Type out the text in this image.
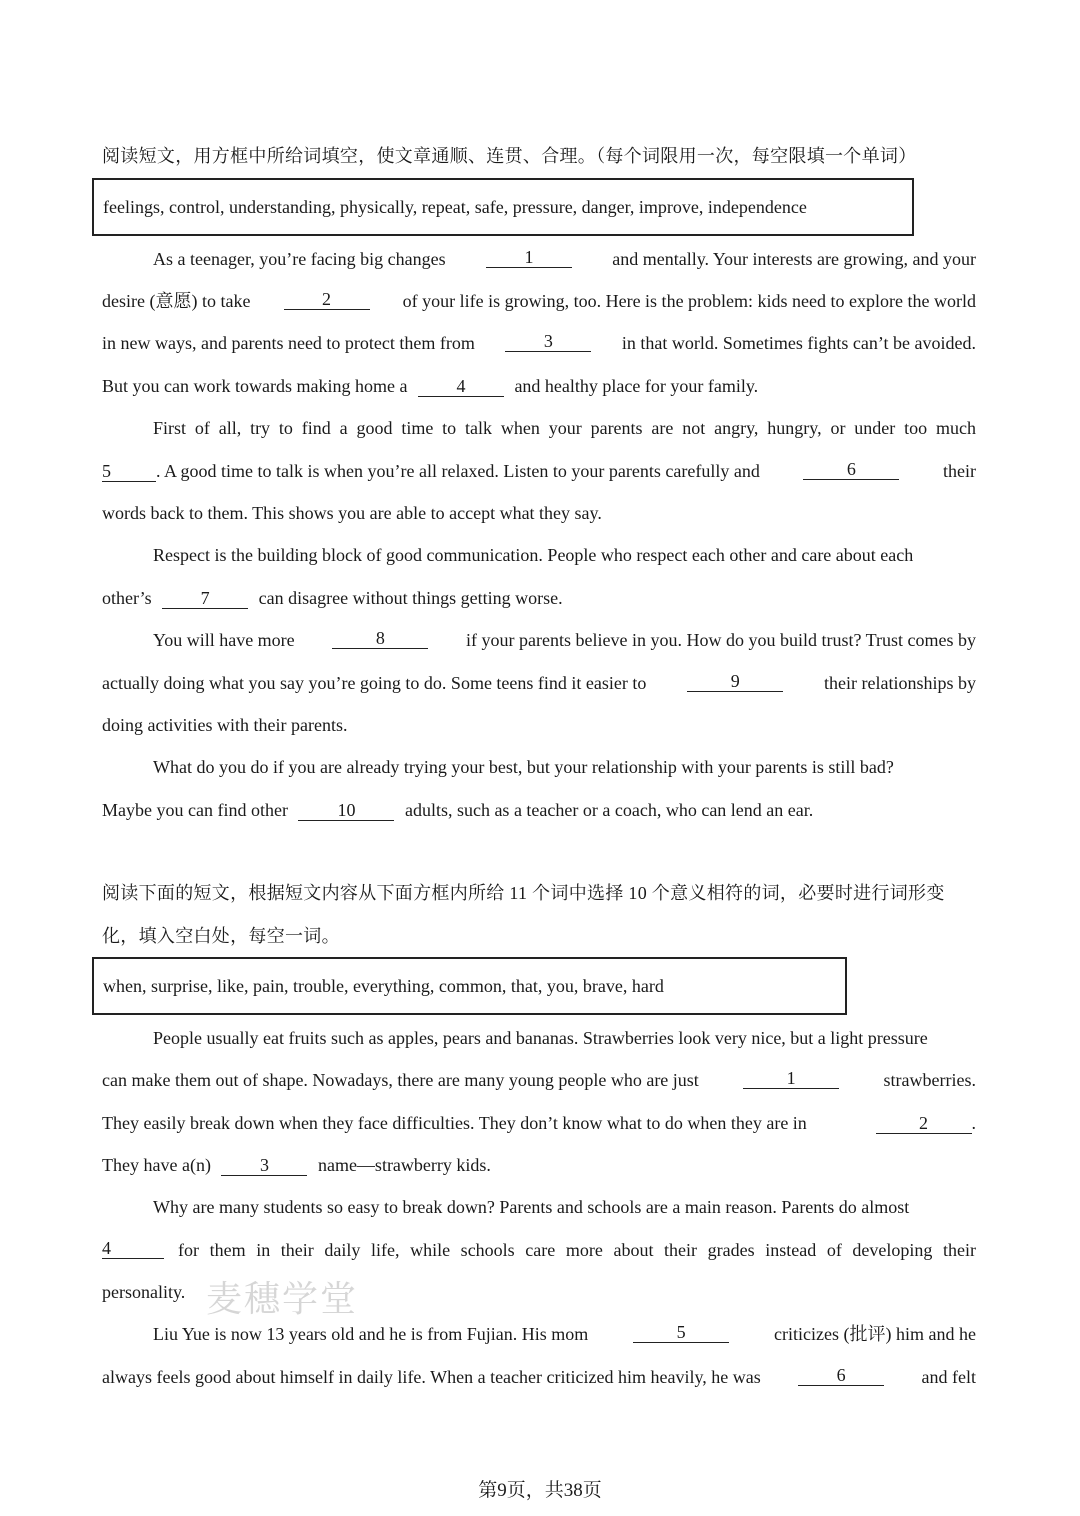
阅读短文，用方框中所给词填空，使文章通顺、连贯、合理。（每个词限用一次，每空限填一个单词）
feelings, control, understanding, physically, repeat, safe, pressure, danger, improve, independence
As a teenager, you’re facing big changes	1	and mentally. Your interests are growing, and your
desire (意愿) to take	2	of your life is growing, too. Here is the problem: kids need to explore the world
in new ways, and parents need to protect them from	3	in that world. Sometimes fights can’t be avoided.
But you can work towards making home a	4	and healthy place for your family.
First of all, try to find a good time to talk when your parents are not angry, hungry, or under too much
5	. A good time to talk is when you’re all relaxed. Listen to your parents carefully and	6	their
words back to them. This shows you are able to accept what they say.
Respect is the building block of good communication. People who respect each other and care about each
other’s	7	can disagree without things getting worse.
You will have more	8	if your parents believe in you. How do you build trust? Trust comes by
actually doing what you say you’re going to do. Some teens find it easier to	9	their relationships by
doing activities with their parents.
What do you do if you are already trying your best, but your relationship with your parents is still bad?
Maybe you can find other	10	adults, such as a teacher or a coach, who can lend an ear.
阅读下面的短文，根据短文内容从下面方框内所给 11 个词中选择 10 个意义相符的词，必要时进行词形变
化，填入空白处，每空一词。
when, surprise, like, pain, trouble, everything, common, that, you, brave, hard
People usually eat fruits such as apples, pears and bananas. Strawberries look very nice, but a light pressure
can make them out of shape. Nowadays, there are many young people who are just	1	strawberries.
They easily break down when they face difficulties. They don’t know what to do when they are in	2 .
They have a(n)	3	name—strawberry kids.
Why are many students so easy to break down? Parents and schools are a main reason. Parents do almost
4	for them in their daily life, while schools care more about their grades instead of developing their
personality. 麦穗学堂
Liu Yue is now 13 years old and he is from Fujian. His mom	5	criticizes (批评) him and he
always feels good about himself in daily life. When a teacher criticized him heavily, he was	6	and felt
第9页，共38页
